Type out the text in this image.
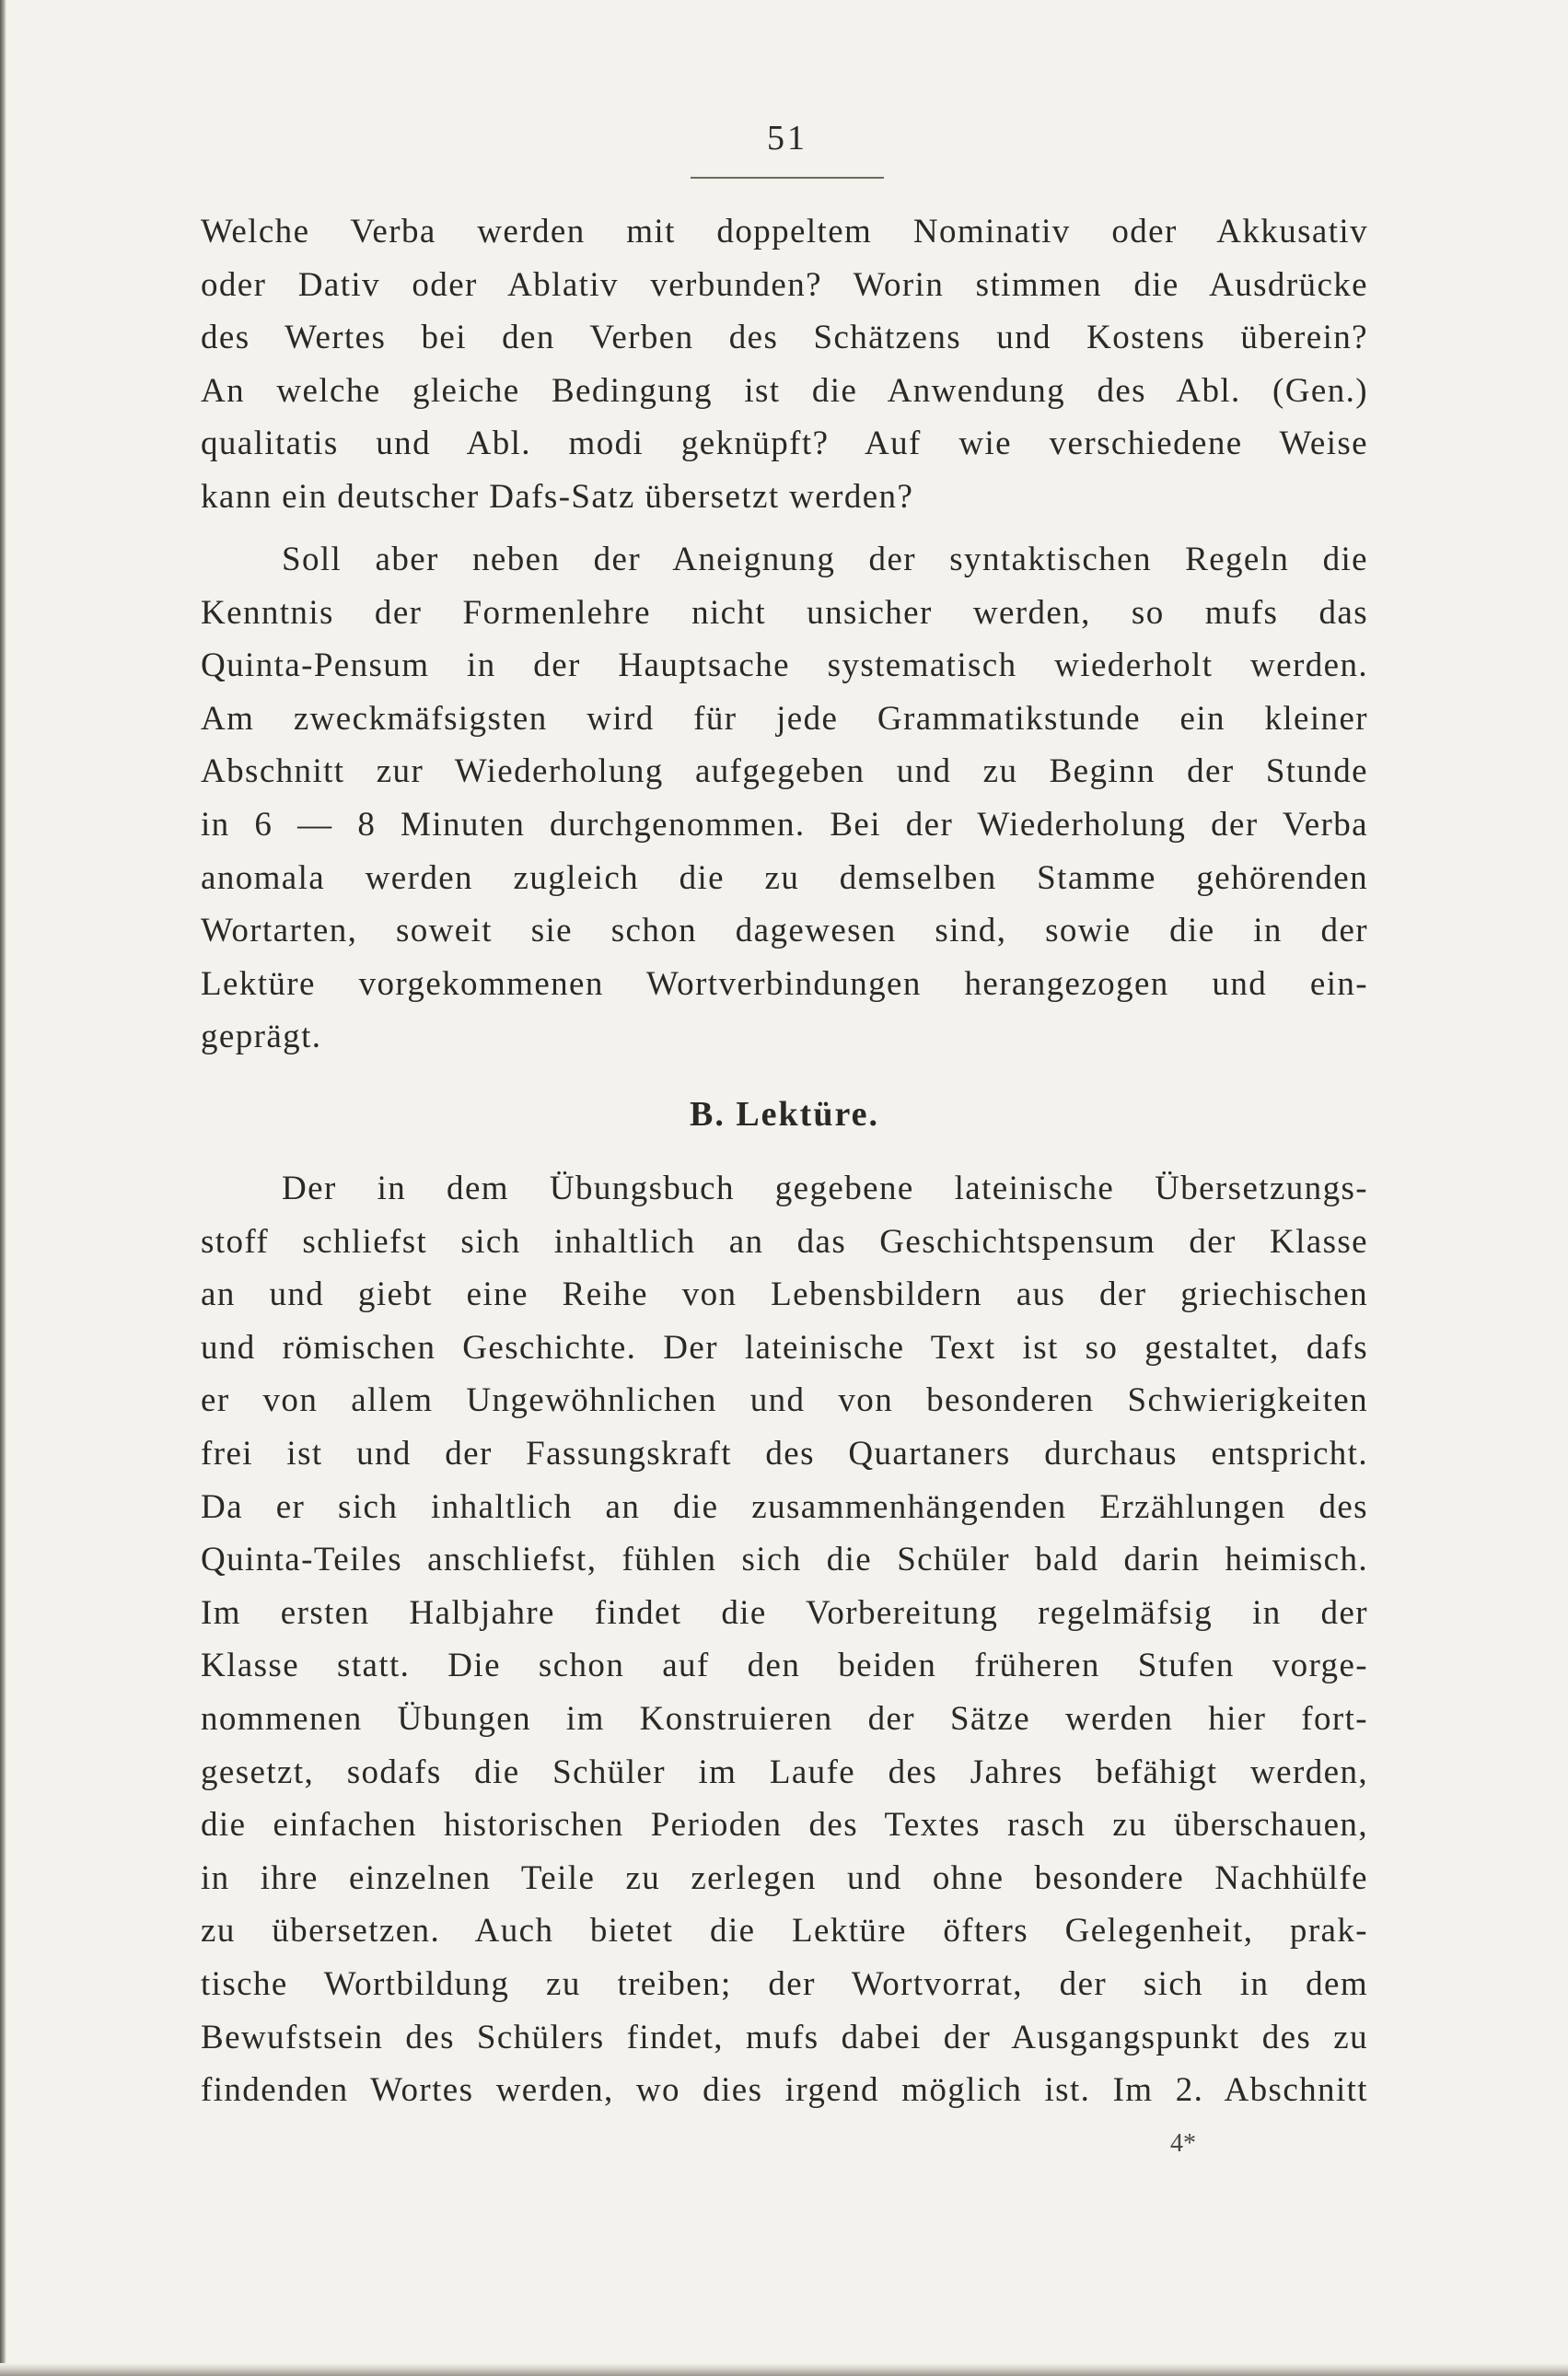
51
Welche Verba werden mit doppeltem Nominativ oder Akkusativ
oder Dativ oder Ablativ verbunden? Worin stimmen die Ausdrücke
des Wertes bei den Verben des Schätzens und Kostens überein?
An welche gleiche Bedingung ist die Anwendung des Abl. (Gen.)
qualitatis und Abl. modi geknüpft? Auf wie verschiedene Weise
kann ein deutscher Dafs-Satz übersetzt werden?
Soll aber neben der Aneignung der syntaktischen Regeln die
Kenntnis der Formenlehre nicht unsicher werden, so mufs das
Quinta-Pensum in der Hauptsache systematisch wiederholt werden.
Am zweckmäfsigsten wird für jede Grammatikstunde ein kleiner
Abschnitt zur Wiederholung aufgegeben und zu Beginn der Stunde
in 6 — 8 Minuten durchgenommen. Bei der Wiederholung der Verba
anomala werden zugleich die zu demselben Stamme gehörenden
Wortarten, soweit sie schon dagewesen sind, sowie die in der
Lektüre vorgekommenen Wortverbindungen herangezogen und ein-
geprägt.
B. Lektüre.
Der in dem Übungsbuch gegebene lateinische Übersetzungs-
stoff schliefst sich inhaltlich an das Geschichtspensum der Klasse
an und giebt eine Reihe von Lebensbildern aus der griechischen
und römischen Geschichte. Der lateinische Text ist so gestaltet, dafs
er von allem Ungewöhnlichen und von besonderen Schwierigkeiten
frei ist und der Fassungskraft des Quartaners durchaus entspricht.
Da er sich inhaltlich an die zusammenhängenden Erzählungen des
Quinta-Teiles anschliefst, fühlen sich die Schüler bald darin heimisch.
Im ersten Halbjahre findet die Vorbereitung regelmäfsig in der
Klasse statt. Die schon auf den beiden früheren Stufen vorge-
nommenen Übungen im Konstruieren der Sätze werden hier fort-
gesetzt, sodafs die Schüler im Laufe des Jahres befähigt werden,
die einfachen historischen Perioden des Textes rasch zu überschauen,
in ihre einzelnen Teile zu zerlegen und ohne besondere Nachhülfe
zu übersetzen. Auch bietet die Lektüre öfters Gelegenheit, prak-
tische Wortbildung zu treiben; der Wortvorrat, der sich in dem
Bewufstsein des Schülers findet, mufs dabei der Ausgangspunkt des zu
findenden Wortes werden, wo dies irgend möglich ist. Im 2. Abschnitt
4*
